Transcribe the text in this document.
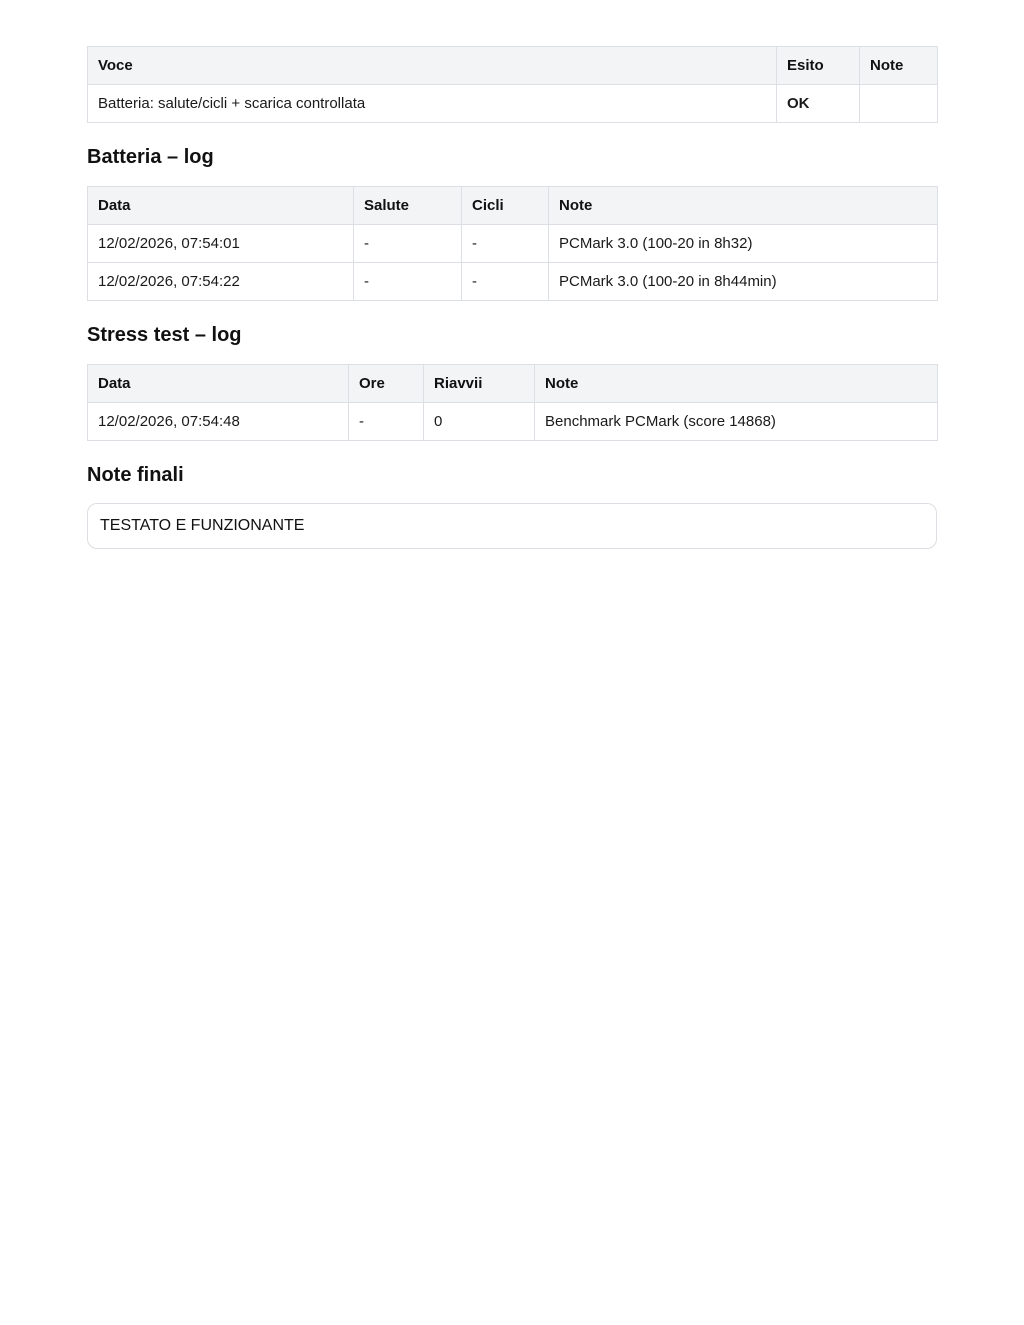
Voce	Esito	Note
Batteria: salute/cicli + scarica controllata	OK	
Batteria – log
Data	Salute	Cicli	Note
12/02/2026, 07:54:01	-	-	PCMark 3.0 (100-20 in 8h32)
12/02/2026, 07:54:22	-	-	PCMark 3.0 (100-20 in 8h44min)
Stress test – log
Data	Ore	Riavvii	Note
12/02/2026, 07:54:48	-	0	Benchmark PCMark (score 14868)
Note finali
TESTATO E FUNZIONANTE
